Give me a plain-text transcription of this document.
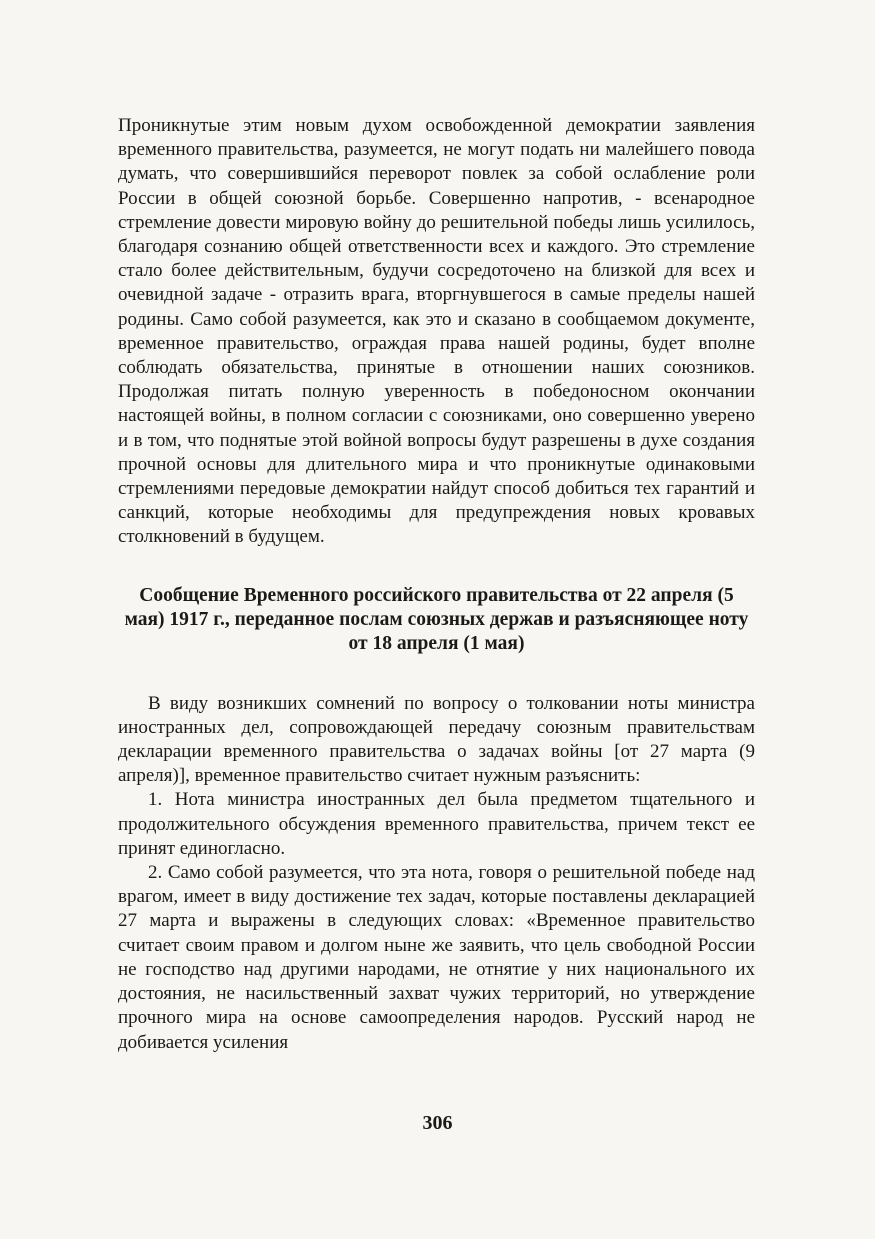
Проникнутые этим новым духом освобожденной демократии заявления временного правительства, разумеется, не могут подать ни малейшего повода думать, что совершившийся переворот повлек за собой ослабление роли России в общей союзной борьбе. Совершенно напротив, - всенародное стремление довести мировую войну до решительной победы лишь усилилось, благодаря сознанию общей ответственности всех и каждого. Это стремление стало более действительным, будучи сосредоточено на близкой для всех и очевидной задаче - отразить врага, вторгнувшегося в самые пределы нашей родины. Само собой разумеется, как это и сказано в сообщаемом документе, временное правительство, ограждая права нашей родины, будет вполне соблюдать обязательства, принятые в отношении наших союзников. Продолжая питать полную уверенность в победоносном окончании настоящей войны, в полном согласии с союзниками, оно совершенно уверено и в том, что поднятые этой войной вопросы будут разрешены в духе создания прочной основы для длительного мира и что проникнутые одинаковыми стремлениями передовые демократии найдут способ добиться тех гарантий и санкций, которые необходимы для предупреждения новых кровавых столкновений в будущем.

Сообщение Временного российского правительства от 22 апреля (5 мая) 1917 г., переданное послам союзных держав и разъясняющее ноту от 18 апреля (1 мая)

В виду возникших сомнений по вопросу о толковании ноты министра иностранных дел, сопровождающей передачу союзным правительствам декларации временного правительства о задачах войны [от 27 марта (9 апреля)], временное правительство считает нужным разъяснить:

1. Нота министра иностранных дел была предметом тщательного и продолжительного обсуждения временного правительства, причем текст ее принят единогласно.

2. Само собой разумеется, что эта нота, говоря о решительной победе над врагом, имеет в виду достижение тех задач, которые поставлены декларацией 27 марта и выражены в следующих словах: «Временное правительство считает своим правом и долгом ныне же заявить, что цель свободной России не господство над другими народами, не отнятие у них национального их достояния, не насильственный захват чужих территорий, но утверждение прочного мира на основе самоопределения народов. Русский народ не добивается усиления

306
